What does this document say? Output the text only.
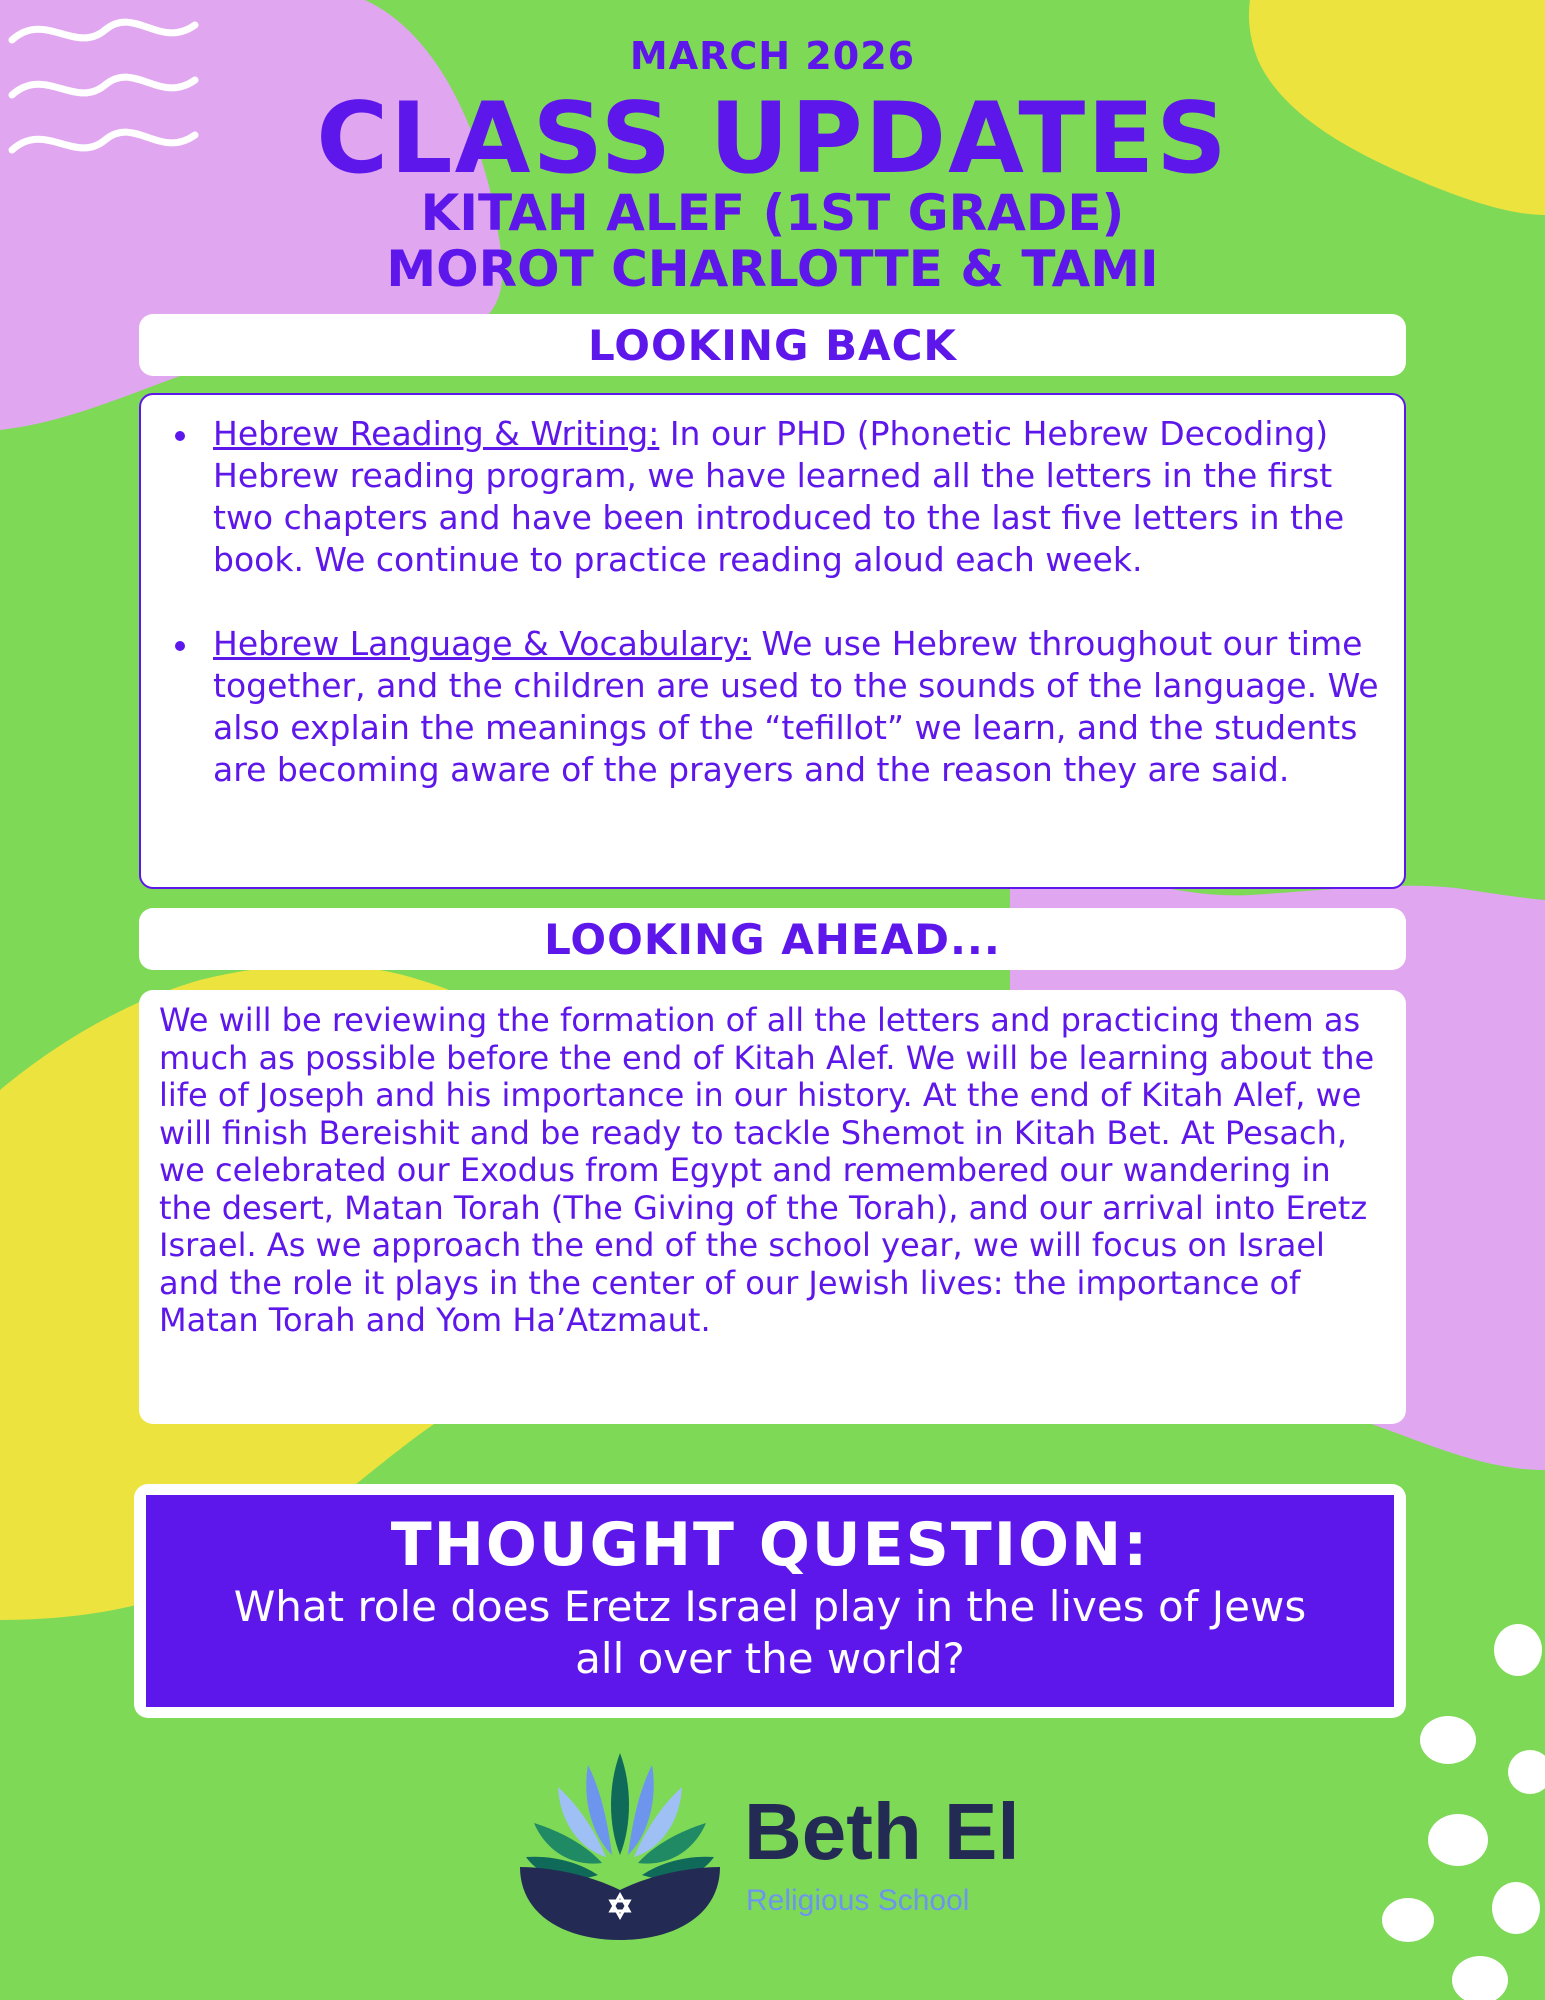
MARCH 2026
CLASS UPDATES
KITAH ALEF (1ST GRADE)
MOROT CHARLOTTE & TAMI
LOOKING BACK
Hebrew Reading & Writing: In our PHD (Phonetic Hebrew Decoding) Hebrew reading program, we have learned all the letters in the first two chapters and have been introduced to the last five letters in the book. We continue to practice reading aloud each week.
Hebrew Language & Vocabulary: We use Hebrew throughout our time together, and the children are used to the sounds of the language. We also explain the meanings of the “tefillot” we learn, and the students are becoming aware of the prayers and the reason they are said.
LOOKING AHEAD...

We will be reviewing the formation of all the letters and practicing them as much as possible before the end of Kitah Alef. We will be learning about the life of Joseph and his importance in our history. At the end of Kitah Alef, we will finish Bereishit and be ready to tackle Shemot in Kitah Bet. At Pesach, we celebrated our Exodus from Egypt and remembered our wandering in the desert, Matan Torah (The Giving of the Torah), and our arrival into Eretz Israel. As we approach the end of the school year, we will focus on Israel and the role it plays in the center of our Jewish lives: the importance of Matan Torah and Yom Ha’Atzmaut.

THOUGHT QUESTION:
What role does Eretz Israel play in the lives of Jews all over the world?
Beth El
Religious School
